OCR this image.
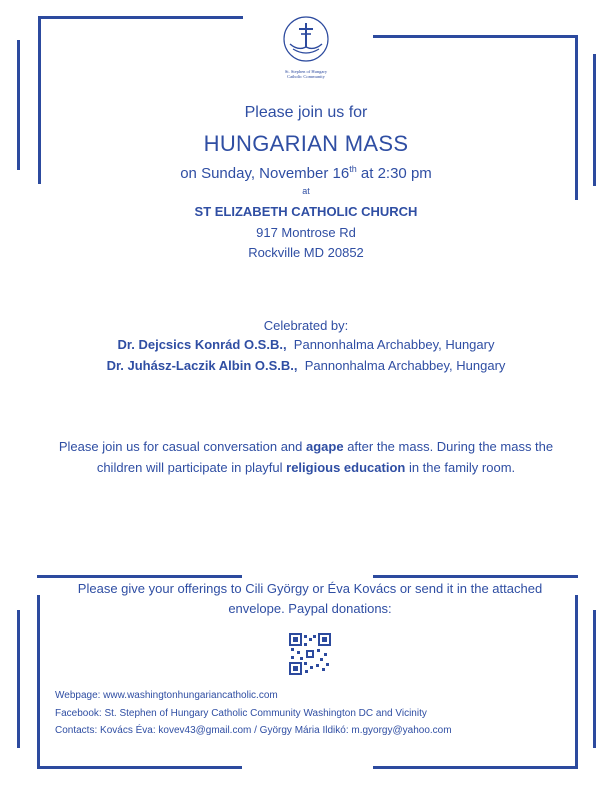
St. Stephen of Hungary
Catholic Community
Please join us for
HUNGARIAN MASS
on Sunday, November 16th at 2:30 pm
at
ST ELIZABETH CATHOLIC CHURCH
917 Montrose Rd
Rockville MD 20852
Celebrated by:
Dr. Dejcsics Konrád O.S.B.,  Pannonhalma Archabbey, Hungary
Dr. Juhász-Laczik Albin O.S.B.,  Pannonhalma Archabbey, Hungary
Please join us for casual conversation and agape after the mass. During the mass the children will participate in playful religious education in the family room.
Please give your offerings to Cili György or Éva Kovács or send it in the attached envelope. Paypal donations:
Webpage: www.washingtonhungariancatholic.com
Facebook: St. Stephen of Hungary Catholic Community Washington DC and Vicinity
Contacts: Kovács Éva: kovev43@gmail.com / György Mária Ildikó: m.gyorgy@yahoo.com
